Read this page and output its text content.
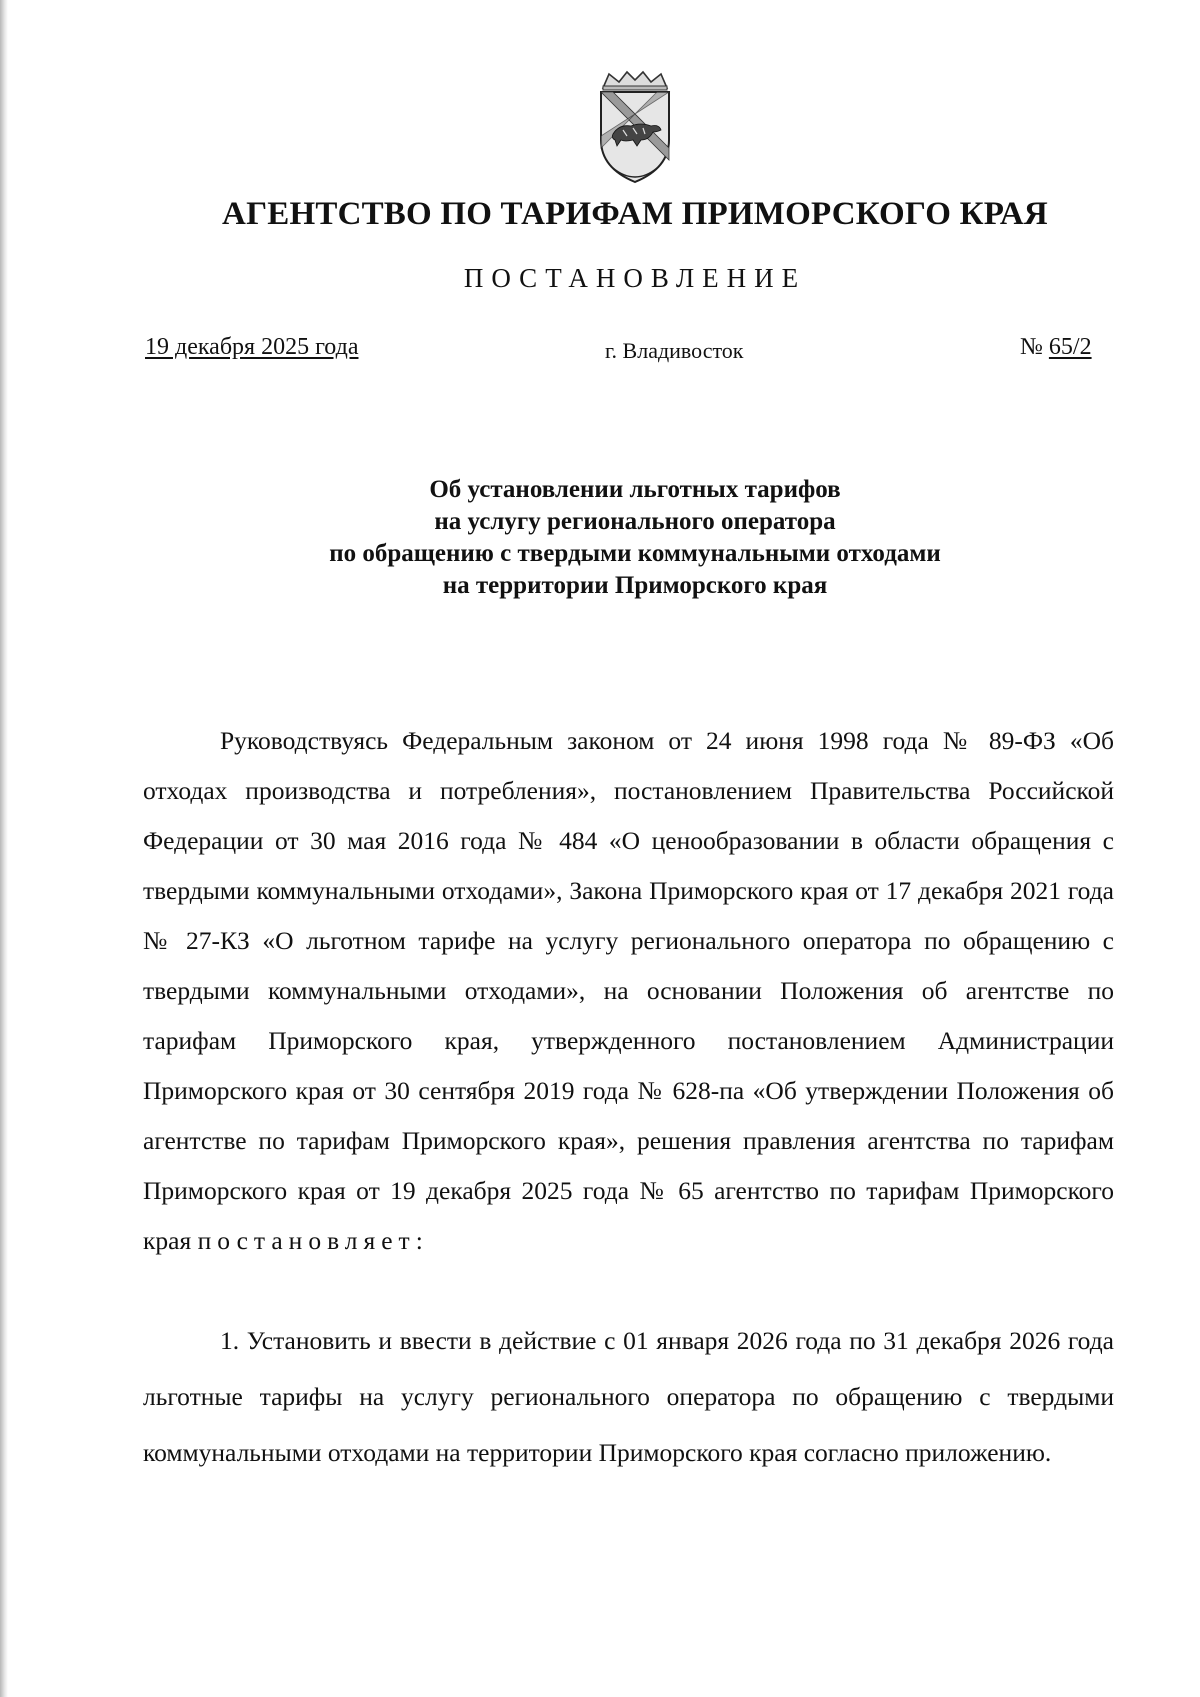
АГЕНТСТВО ПО ТАРИФАМ ПРИМОРСКОГО КРАЯ
ПОСТАНОВЛЕНИЕ
19 декабря 2025 года	г. Владивосток	№ 65/2
Об установлении льготных тарифов
на услугу регионального оператора
по обращению с твердыми коммунальными отходами
на территории Приморского края
Руководствуясь Федеральным законом от 24 июня 1998 года № 89-ФЗ «Об отходах производства и потребления», постановлением Правительства Российской Федерации от 30 мая 2016 года № 484 «О ценообразовании в области обращения с твердыми коммунальными отходами», Закона Приморского края от 17 декабря 2021 года № 27-КЗ «О льготном тарифе на услугу регионального оператора по обращению с твердыми коммунальными отходами», на основании Положения об агентстве по тарифам Приморского края, утвержденного постановлением Администрации Приморского края от 30 сентября 2019 года № 628-па «Об утверждении Положения об агентстве по тарифам Приморского края», решения правления агентства по тарифам Приморского края от 19 декабря 2025 года № 65 агентство по тарифам Приморского края постановляет:
1. Установить и ввести в действие с 01 января 2026 года по 31 декабря 2026 года льготные тарифы на услугу регионального оператора по обращению с твердыми коммунальными отходами на территории Приморского края согласно приложению.
